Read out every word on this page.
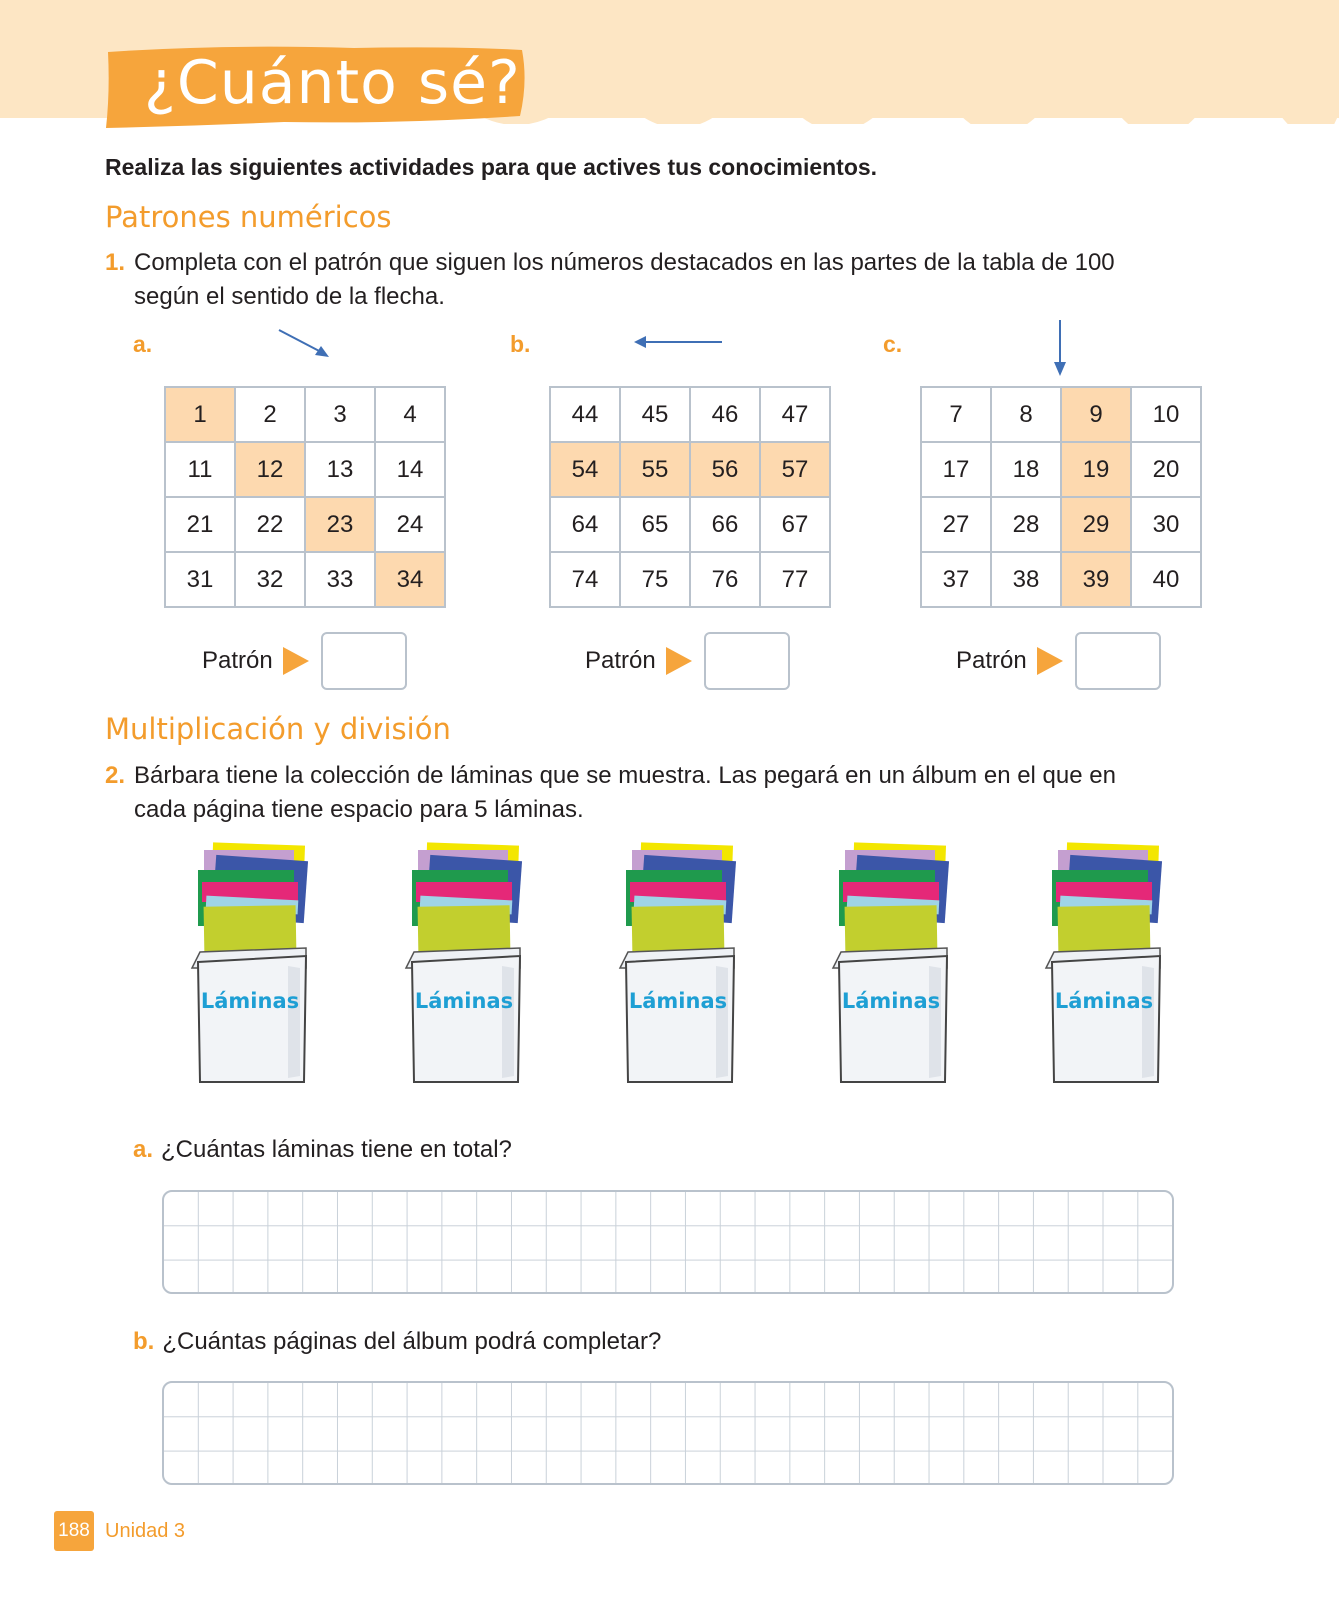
¿Cuánto sé?
Realiza las siguientes actividades para que actives tus conocimientos.
Patrones numéricos
1. Completa con el patrón que siguen los números destacados en las partes de la tabla de 100
según el sentido de la flecha.
a.	b.	c.
1	2	3	4
11	12	13	14
21	22	23	24
31	32	33	34
44	45	46	47
54	55	56	57
64	65	66	67
74	75	76	77
7	8	9	10
17	18	19	20
27	28	29	30
37	38	39	40
Patrón	Patrón	Patrón
Multiplicación y división
2. Bárbara tiene la colección de láminas que se muestra. Las pegará en un álbum en el que en
cada página tiene espacio para 5 láminas.
Láminas	Láminas	Láminas	Láminas	Láminas
a. ¿Cuántas láminas tiene en total?
b. ¿Cuántas páginas del álbum podrá completar?
188 Unidad 3
